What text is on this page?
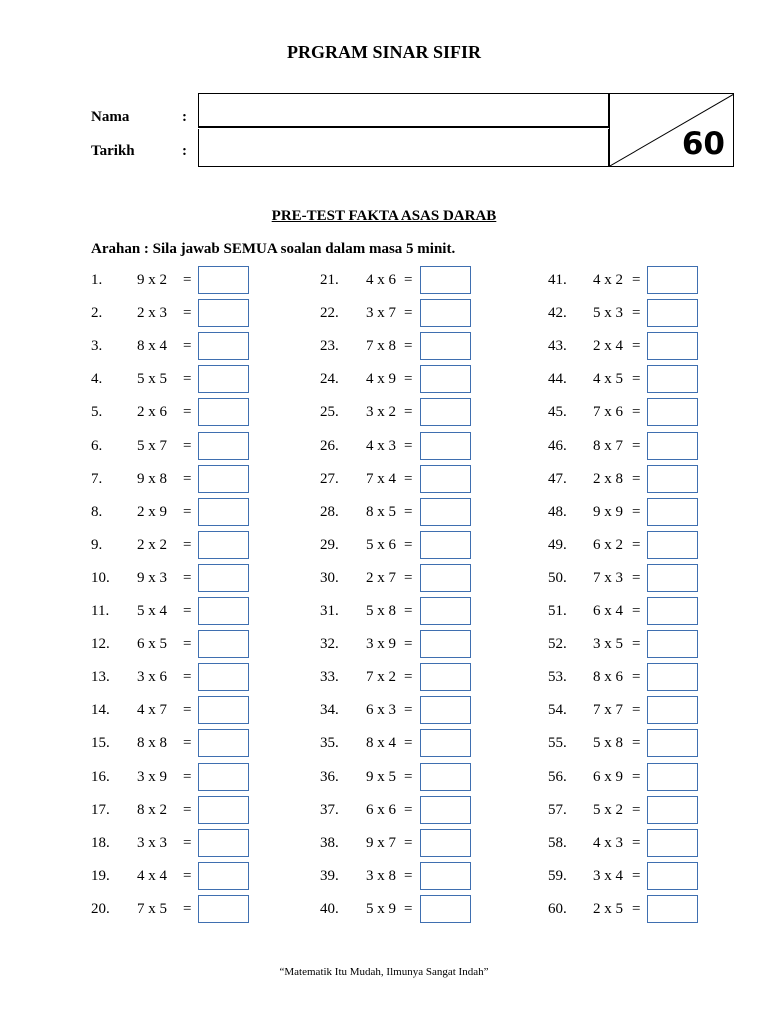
PRGRAM SINAR SIFIR
Nama	:
Tarikh	:	60
PRE-TEST FAKTA ASAS DARAB
Arahan : Sila jawab SEMUA soalan dalam masa 5 minit.
1. 9 x 2 =
2. 2 x 3 =
3. 8 x 4 =
4. 5 x 5 =
5. 2 x 6 =
6. 5 x 7 =
7. 9 x 8 =
8. 2 x 9 =
9. 2 x 2 =
10. 9 x 3 =
11. 5 x 4 =
12. 6 x 5 =
13. 3 x 6 =
14. 4 x 7 =
15. 8 x 8 =
16. 3 x 9 =
17. 8 x 2 =
18. 3 x 3 =
19. 4 x 4 =
20. 7 x 5 =
21. 4 x 6 =
22. 3 x 7 =
23. 7 x 8 =
24. 4 x 9 =
25. 3 x 2 =
26. 4 x 3 =
27. 7 x 4 =
28. 8 x 5 =
29. 5 x 6 =
30. 2 x 7 =
31. 5 x 8 =
32. 3 x 9 =
33. 7 x 2 =
34. 6 x 3 =
35. 8 x 4 =
36. 9 x 5 =
37. 6 x 6 =
38. 9 x 7 =
39. 3 x 8 =
40. 5 x 9 =
41. 4 x 2 =
42. 5 x 3 =
43. 2 x 4 =
44. 4 x 5 =
45. 7 x 6 =
46. 8 x 7 =
47. 2 x 8 =
48. 9 x 9 =
49. 6 x 2 =
50. 7 x 3 =
51. 6 x 4 =
52. 3 x 5 =
53. 8 x 6 =
54. 7 x 7 =
55. 5 x 8 =
56. 6 x 9 =
57. 5 x 2 =
58. 4 x 3 =
59. 3 x 4 =
60. 2 x 5 =
“Matematik Itu Mudah, Ilmunya Sangat Indah”
